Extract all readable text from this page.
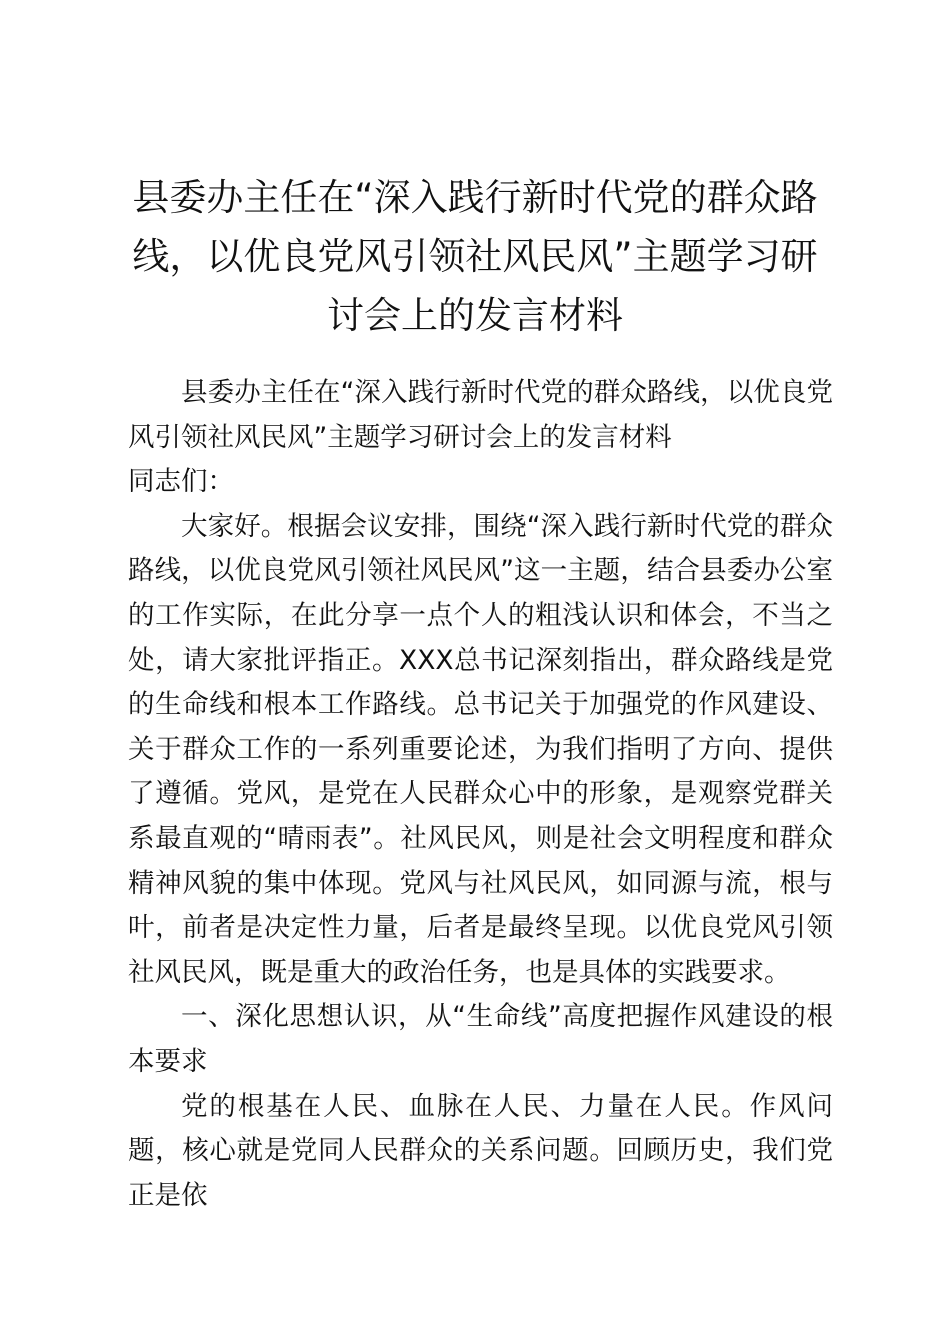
县委办主任在“深入践行新时代党的群众路线，以优良党风引领社风民风”主题学习研讨会上的发言材料

县委办主任在“深入践行新时代党的群众路线，以优良党风引领社风民风”主题学习研讨会上的发言材料

同志们：

大家好。根据会议安排，围绕“深入践行新时代党的群众路线，以优良党风引领社风民风”这一主题，结合县委办公室的工作实际，在此分享一点个人的粗浅认识和体会，不当之处，请大家批评指正。XXX总书记深刻指出，群众路线是党的生命线和根本工作路线。总书记关于加强党的作风建设、关于群众工作的一系列重要论述，为我们指明了方向、提供了遵循。党风，是党在人民群众心中的形象，是观察党群关系最直观的“晴雨表”。社风民风，则是社会文明程度和群众精神风貌的集中体现。党风与社风民风，如同源与流，根与叶，前者是决定性力量，后者是最终呈现。以优良党风引领社风民风，既是重大的政治任务，也是具体的实践要求。

一、深化思想认识，从“生命线”高度把握作风建设的根本要求

党的根基在人民、血脉在人民、力量在人民。作风问题，核心就是党同人民群众的关系问题。回顾历史，我们党正是依
